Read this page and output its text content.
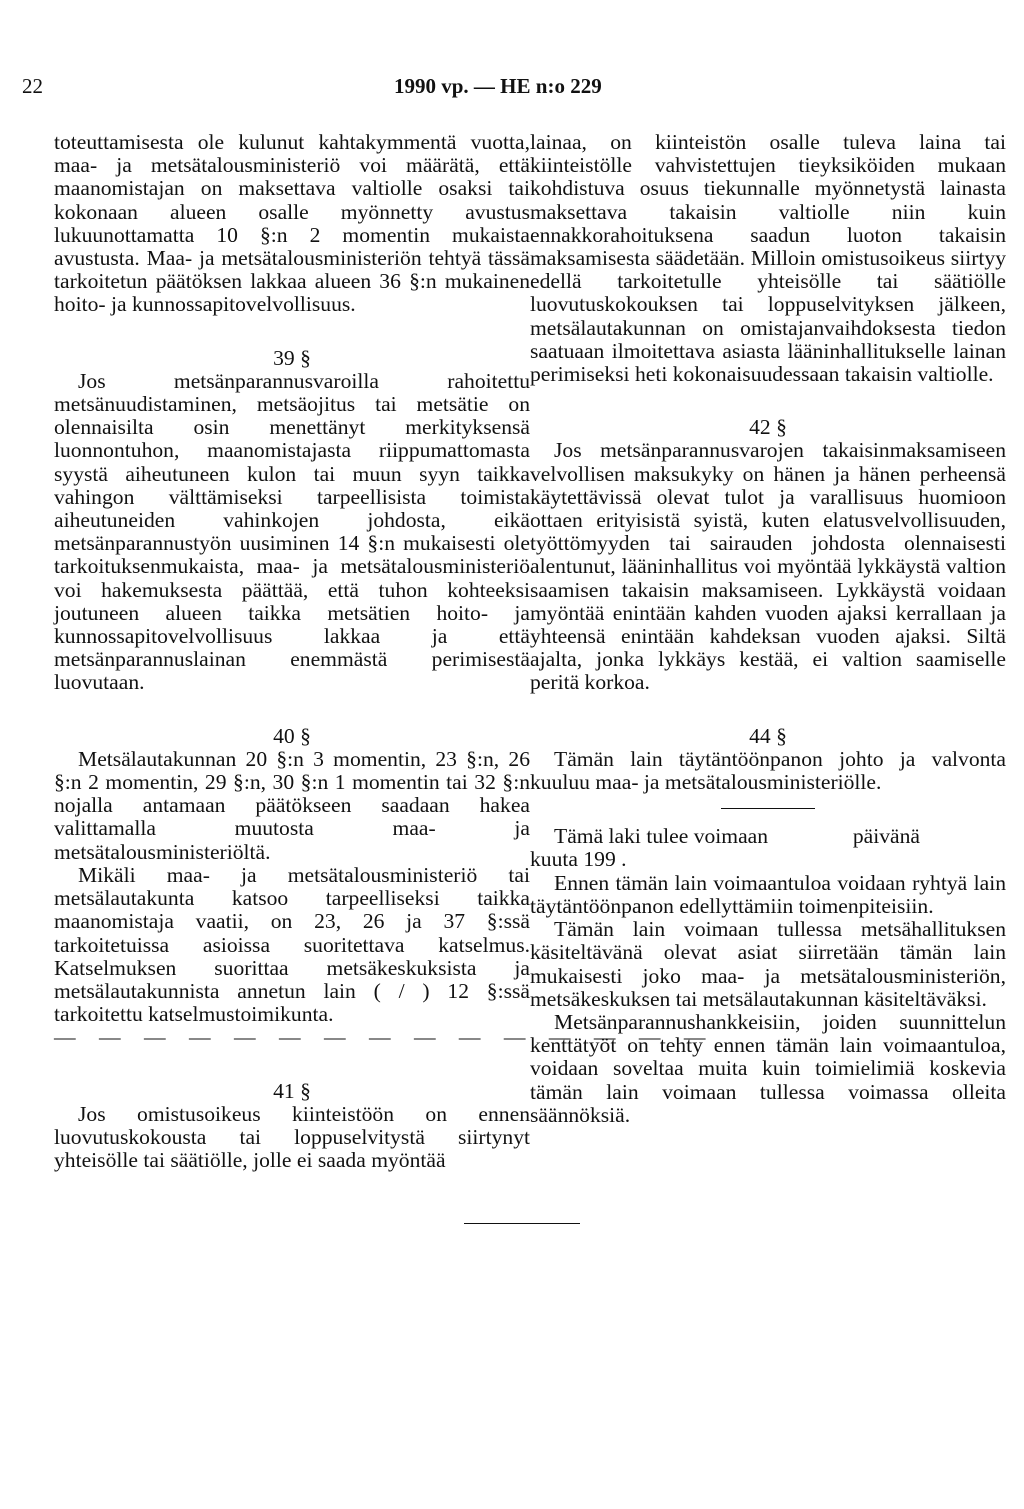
22	1990 vp. — HE n:o 229

toteuttamisesta ole kulunut kahtakymmentä vuotta, maa- ja metsätalousministeriö voi määrätä, että maanomistajan on maksettava valtiolle osaksi tai kokonaan alueen osalle myönnetty avustus lukuunottamatta 10 §:n 2 momentin mukaista avustusta. Maa- ja metsätalousministeriön tehtyä tässä tarkoitetun päätöksen lakkaa alueen 36 §:n mukainen hoito- ja kunnossapitovelvollisuus.

39 §

Jos metsänparannusvaroilla rahoitettu metsänuudistaminen, metsäojitus tai metsätie on olennaisilta osin menettänyt merkityksensä luonnontuhon, maanomistajasta riippumattomasta syystä aiheutuneen kulon tai muun syyn taikka vahingon välttämiseksi tarpeellisista toimista aiheutuneiden vahinkojen johdosta, eikä metsänparannustyön uusiminen 14 §:n mukaisesti ole tarkoituksenmukaista, maa- ja metsätalousministeriö voi hakemuksesta päättää, että tuhon kohteeksi joutuneen alueen taikka metsätien hoito- ja kunnossapitovelvollisuus lakkaa ja että metsänparannuslainan enemmästä perimisestä luovutaan.

40 §

Metsälautakunnan 20 §:n 3 momentin, 23 §:n, 26 §:n 2 momentin, 29 §:n, 30 §:n 1 momentin tai 32 §:n nojalla antamaan päätökseen saadaan hakea valittamalla muutosta maa- ja metsätalousministeriöltä.

Mikäli maa- ja metsätalousministeriö tai metsälautakunta katsoo tarpeelliseksi taikka maanomistaja vaatii, on 23, 26 ja 37 §:ssä tarkoitetuissa asioissa suoritettava katselmus. Katselmuksen suorittaa metsäkeskuksista ja metsälautakunnista annetun lain ( / ) 12 §:ssä tarkoitettu katselmustoimikunta.

— — — — — — — — — — — — — — —

41 §

Jos omistusoikeus kiinteistöön on ennen luovutuskokousta tai loppuselvitystä siirtynyt yhteisölle tai säätiölle, jolle ei saada myöntää

lainaa, on kiinteistön osalle tuleva laina tai kiinteistölle vahvistettujen tieyksiköiden mukaan kohdistuva osuus tiekunnalle myönnetystä lainasta maksettava takaisin valtiolle niin kuin ennakkorahoituksena saadun luoton takaisin maksamisesta säädetään. Milloin omistusoikeus siirtyy edellä tarkoitetulle yhteisölle tai säätiölle luovutuskokouksen tai loppuselvityksen jälkeen, metsälautakunnan on omistajanvaihdoksesta tiedon saatuaan ilmoitettava asiasta lääninhallitukselle lainan perimiseksi heti kokonaisuudessaan takaisin valtiolle.

42 §

Jos metsänparannusvarojen takaisinmaksamiseen velvollisen maksukyky on hänen ja hänen perheensä käytettävissä olevat tulot ja varallisuus huomioon ottaen erityisistä syistä, kuten elatusvelvollisuuden, työttömyyden tai sairauden johdosta olennaisesti alentunut, lääninhallitus voi myöntää lykkäystä valtion saamisen takaisin maksamiseen. Lykkäystä voidaan myöntää enintään kahden vuoden ajaksi kerrallaan ja yhteensä enintään kahdeksan vuoden ajaksi. Siltä ajalta, jonka lykkäys kestää, ei valtion saamiselle peritä korkoa.

44 §

Tämän lain täytäntöönpanon johto ja valvonta kuuluu maa- ja metsätalousministeriölle.

Tämä laki tulee voimaan	päivänä

kuuta 199 .

Ennen tämän lain voimaantuloa voidaan ryhtyä lain täytäntöönpanon edellyttämiin toimenpiteisiin.

Tämän lain voimaan tullessa metsähallituksen käsiteltävänä olevat asiat siirretään tämän lain mukaisesti joko maa- ja metsätalousministeriön, metsäkeskuksen tai metsälautakunnan käsiteltäväksi.

Metsänparannushankkeisiin, joiden suunnittelun kenttätyöt on tehty ennen tämän lain voimaantuloa, voidaan soveltaa muita kuin toimielimiä koskevia tämän lain voimaan tullessa voimassa olleita säännöksiä.
